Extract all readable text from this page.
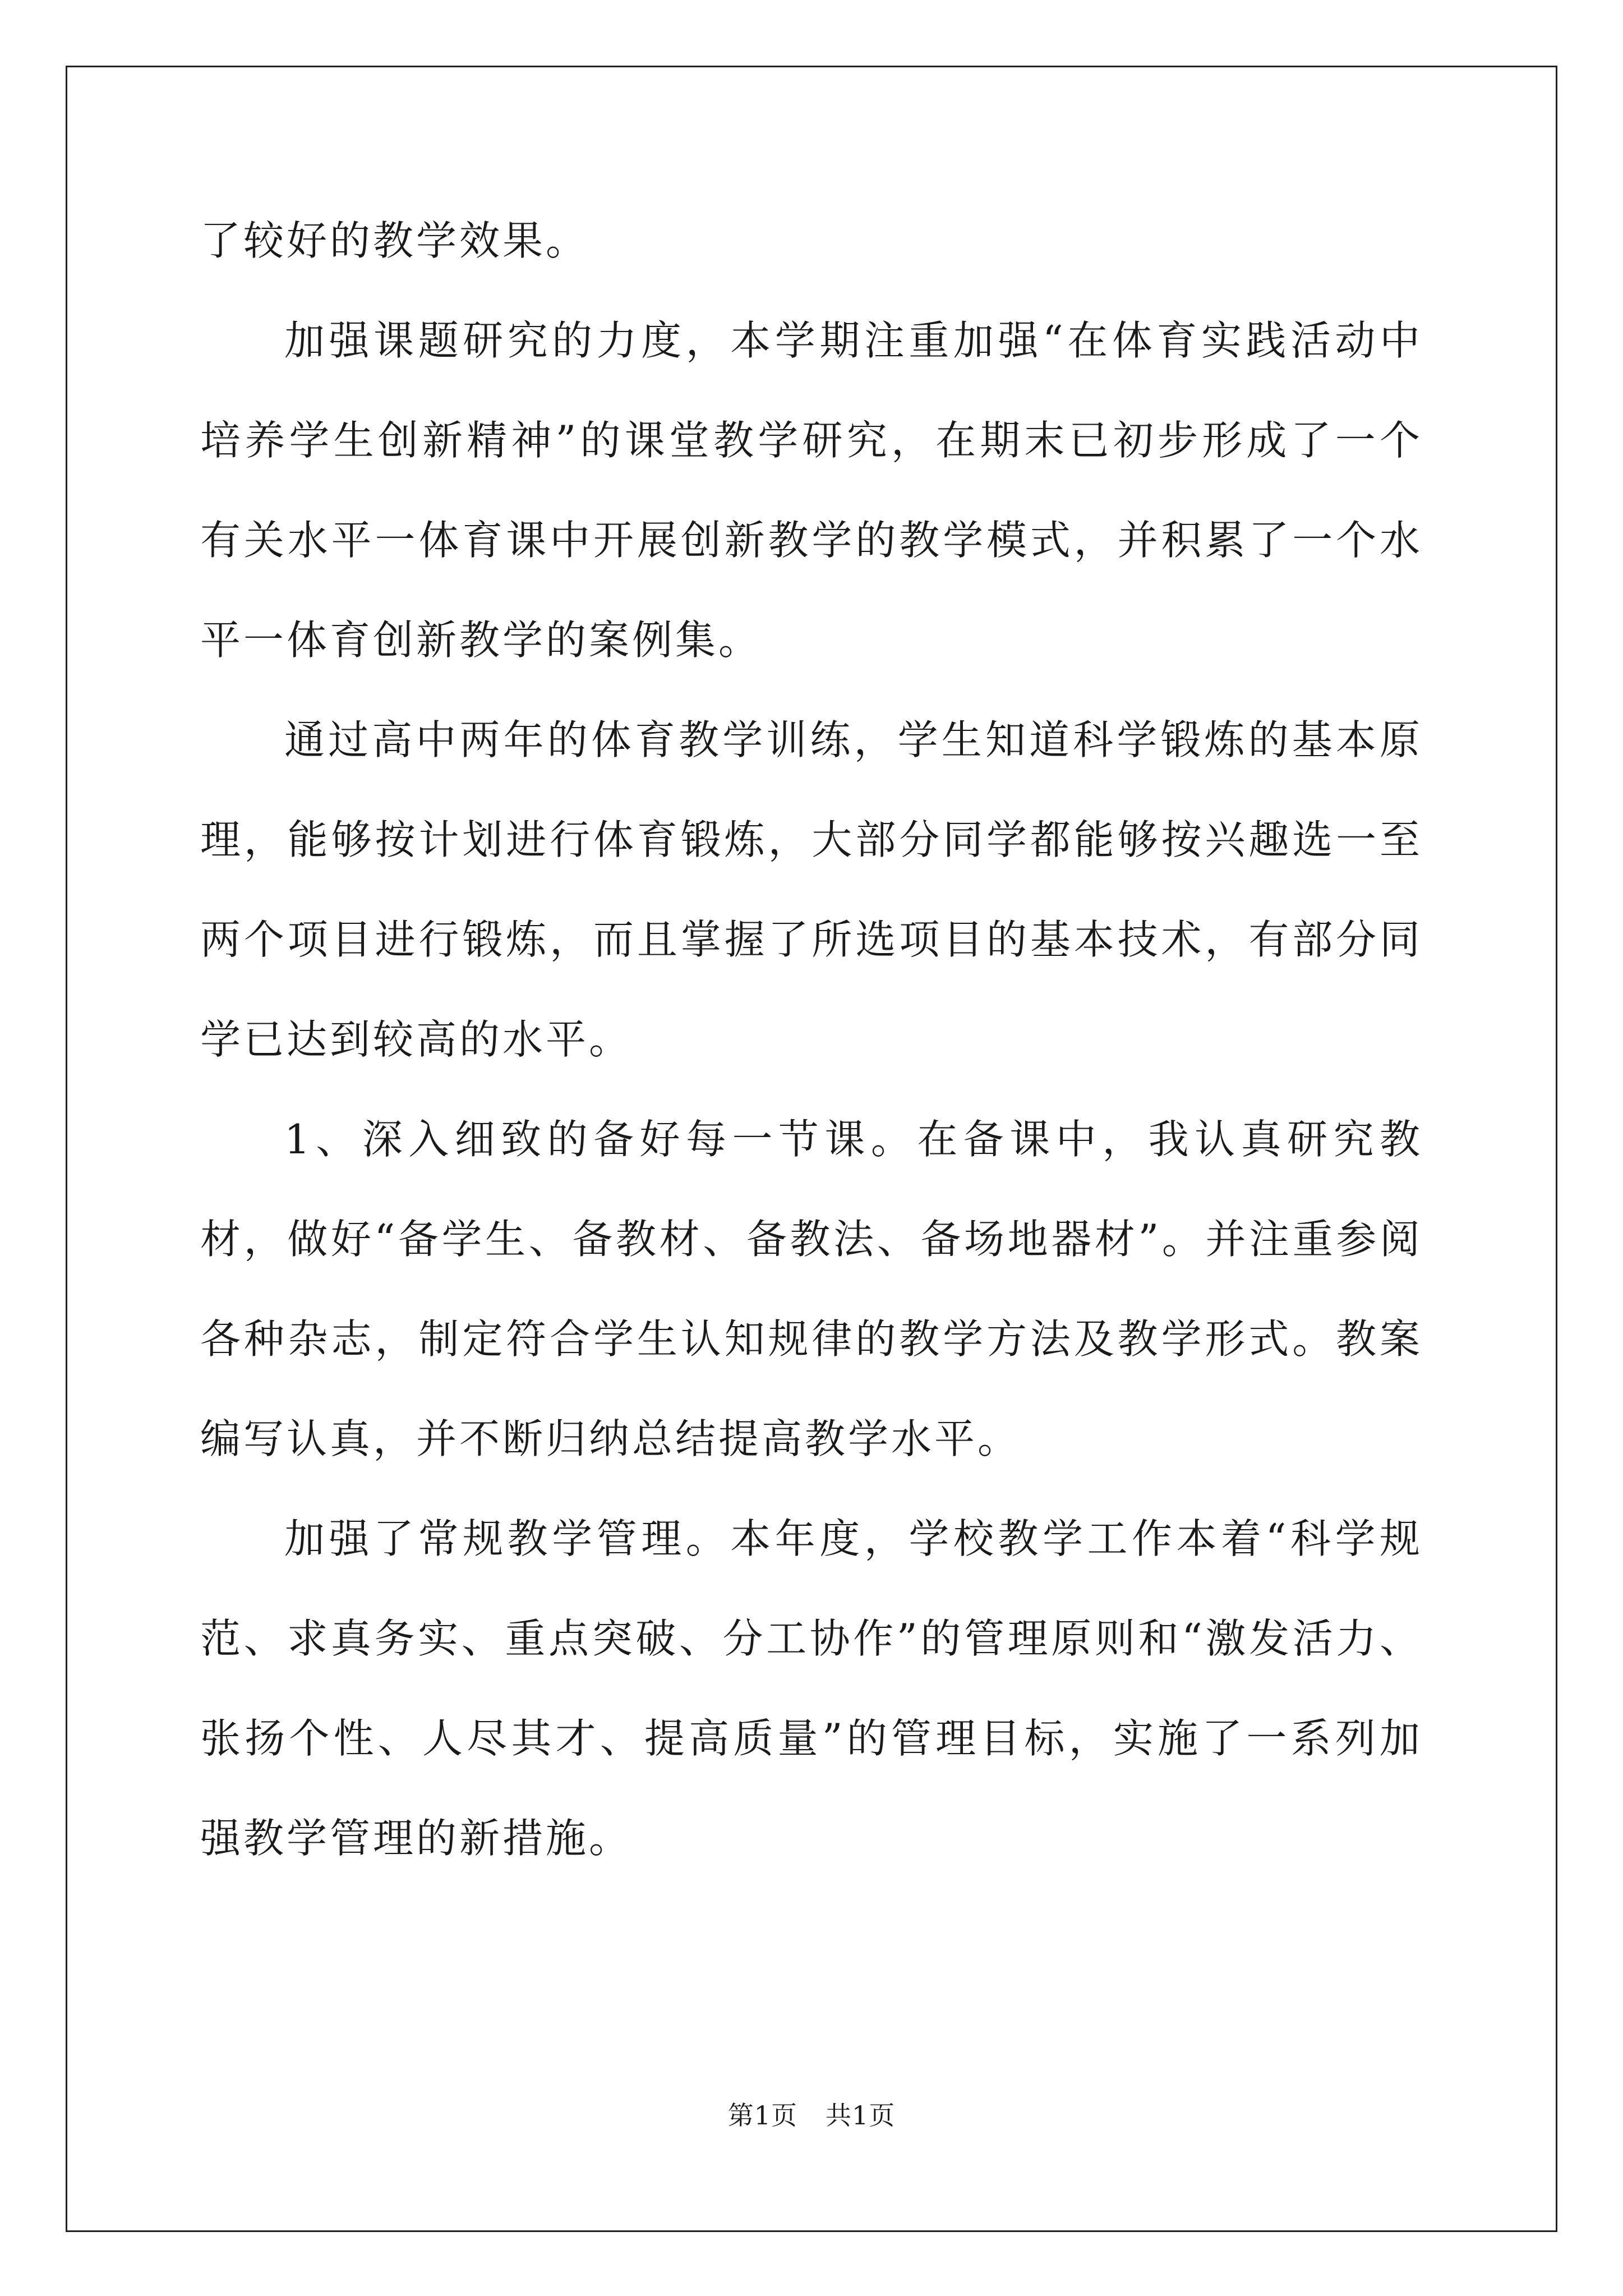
了较好的教学效果。

加强课题研究的力度，本学期注重加强“在体育实践活动中培养学生创新精神”的课堂教学研究，在期末已初步形成了一个有关水平一体育课中开展创新教学的教学模式，并积累了一个水平一体育创新教学的案例集。

通过高中两年的体育教学训练，学生知道科学锻炼的基本原理，能够按计划进行体育锻炼，大部分同学都能够按兴趣选一至两个项目进行锻炼，而且掌握了所选项目的基本技术，有部分同学已达到较高的水平。

1、深入细致的备好每一节课。在备课中，我认真研究教材，做好“备学生、备教材、备教法、备场地器材”。并注重参阅各种杂志，制定符合学生认知规律的教学方法及教学形式。教案编写认真，并不断归纳总结提高教学水平。

加强了常规教学管理。本年度，学校教学工作本着“科学规范、求真务实、重点突破、分工协作”的管理原则和“激发活力、张扬个性、人尽其才、提高质量”的管理目标，实施了一系列加强教学管理的新措施。

第1页 共1页
